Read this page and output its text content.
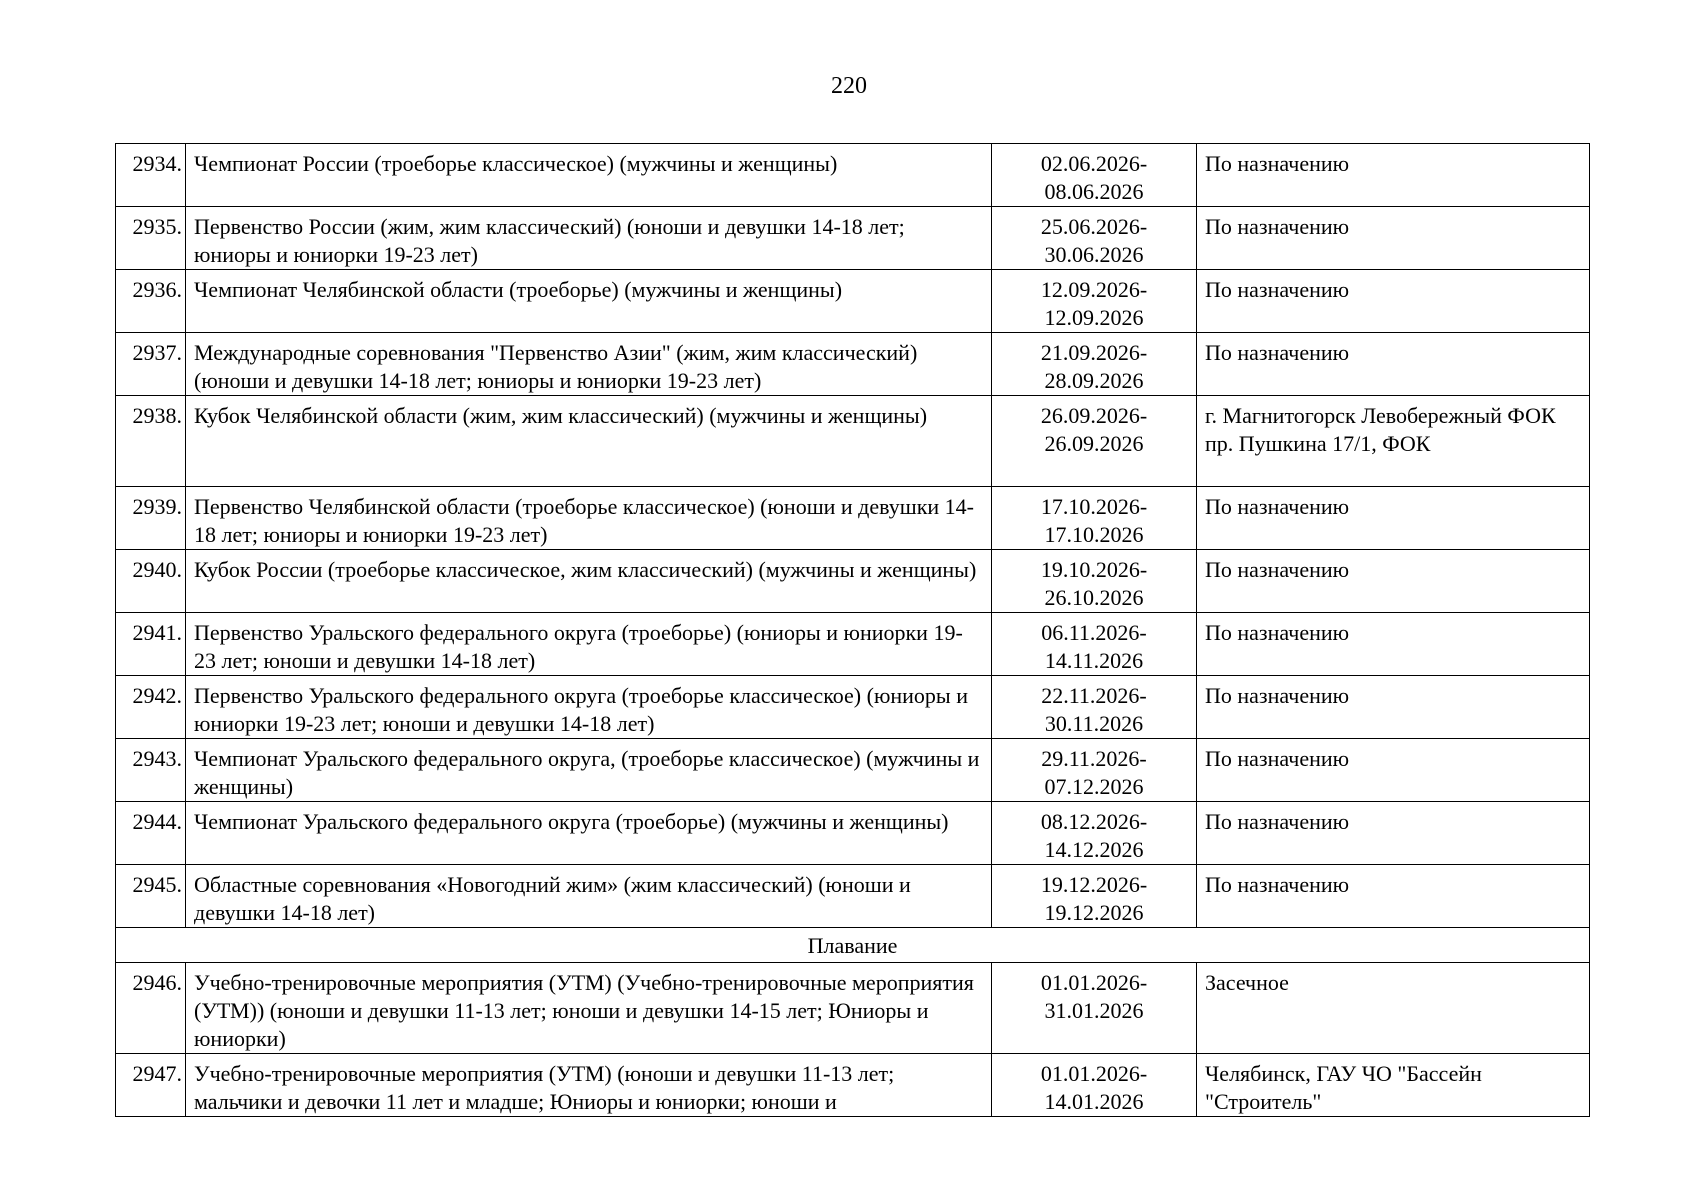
220
2934.	Чемпионат России (троеборье классическое) (мужчины и женщины)	02.06.2026-
08.06.2026	По назначению
2935.	Первенство России (жим, жим классический) (юноши и девушки 14-18 лет; юниоры и юниорки 19-23 лет)	25.06.2026-
30.06.2026	По назначению
2936.	Чемпионат Челябинской области (троеборье) (мужчины и женщины)	12.09.2026-
12.09.2026	По назначению
2937.	Международные соревнования "Первенство Азии" (жим, жим классический) (юноши и девушки 14-18 лет; юниоры и юниорки 19-23 лет)	21.09.2026-
28.09.2026	По назначению
2938.	Кубок Челябинской области (жим, жим классический) (мужчины и женщины)	26.09.2026-
26.09.2026	г. Магнитогорск Левобережный ФОК пр. Пушкина 17/1, ФОК
2939.	Первенство Челябинской области (троеборье классическое) (юноши и девушки 14-18 лет; юниоры и юниорки 19-23 лет)	17.10.2026-
17.10.2026	По назначению
2940.	Кубок России (троеборье классическое, жим классический) (мужчины и женщины)	19.10.2026-
26.10.2026	По назначению
2941.	Первенство Уральского федерального округа (троеборье) (юниоры и юниорки 19-23 лет; юноши и девушки 14-18 лет)	06.11.2026-
14.11.2026	По назначению
2942.	Первенство Уральского федерального округа (троеборье классическое) (юниоры и юниорки 19-23 лет; юноши и девушки 14-18 лет)	22.11.2026-
30.11.2026	По назначению
2943.	Чемпионат Уральского федерального округа, (троеборье классическое) (мужчины и женщины)	29.11.2026-
07.12.2026	По назначению
2944.	Чемпионат Уральского федерального округа (троеборье) (мужчины и женщины)	08.12.2026-
14.12.2026	По назначению
2945.	Областные соревнования «Новогодний жим» (жим классический) (юноши и девушки 14-18 лет)	19.12.2026-
19.12.2026	По назначению
Плавание			
2946.	Учебно-тренировочные мероприятия (УТМ) (Учебно-тренировочные мероприятия (УТМ)) (юноши и девушки 11-13 лет; юноши и девушки 14-15 лет; Юниоры и юниорки)	01.01.2026-
31.01.2026	Засечное
2947.	Учебно-тренировочные мероприятия (УТМ) (юноши и девушки 11-13 лет; мальчики и девочки 11 лет и младше; Юниоры и юниорки; юноши и	01.01.2026-
14.01.2026	Челябинск, ГАУ ЧО "Бассейн "Строитель"
